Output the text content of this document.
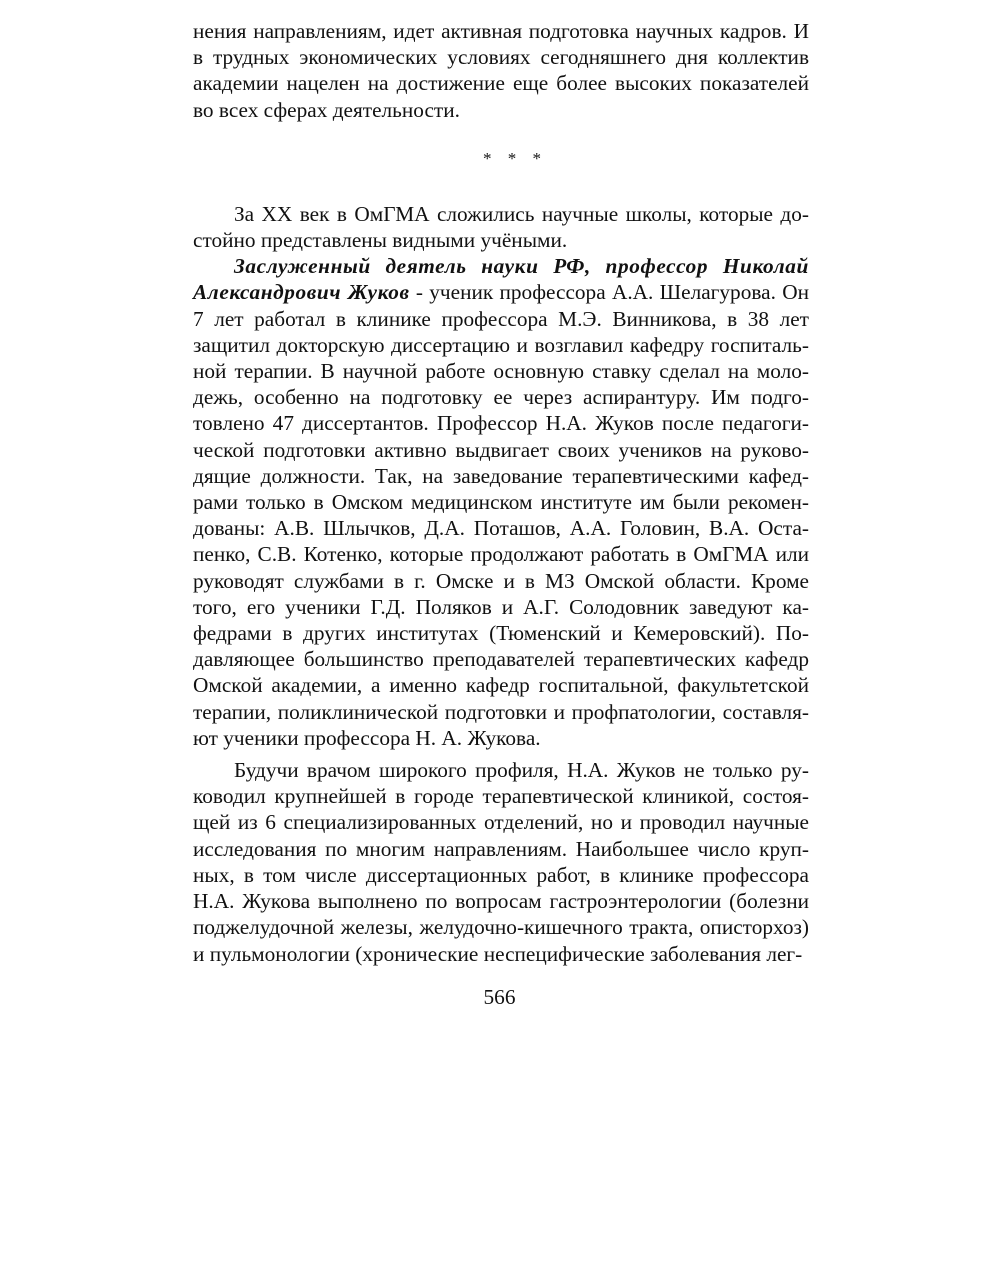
нения направлениям, идет активная подготовка научных кадров. И в трудных экономических условиях сегодняшнего дня коллектив академии нацелен на достижение еще более высоких показателей во всех сферах деятельности.

* * *

За XX век в ОмГМА сложились научные школы, которые достойно представлены видными учёными.

Заслуженный деятель науки РФ, профессор Николай Александрович Жуков - ученик профессора А.А. Шелагурова. Он 7 лет работал в клинике профессора М.Э. Винникова, в 38 лет защитил докторскую диссертацию и возглавил кафедру госпитальной терапии. В научной работе основную ставку сделал на молодежь, особенно на подготовку ее через аспирантуру. Им подготовлено 47 диссертантов. Профессор Н.А. Жуков после педагогической подготовки активно выдвигает своих учеников на руководящие должности. Так, на заведование терапевтическими кафедрами только в Омском медицинском институте им были рекомендованы: А.В. Шлычков, Д.А. Поташов, А.А. Головин, В.А. Остапенко, С.В. Котенко, которые продолжают работать в ОмГМА или руководят службами в г. Омске и в МЗ Омской области. Кроме того, его ученики Г.Д. Поляков и А.Г. Солодовник заведуют кафедрами в других институтах (Тюменский и Кемеровский). Подавляющее большинство преподавателей терапевтических кафедр Омской академии, а именно кафедр госпитальной, факультетской терапии, поликлинической подготовки и профпатологии, составляют ученики профессора Н. А. Жукова.

Будучи врачом широкого профиля, Н.А. Жуков не только руководил крупнейшей в городе терапевтической клиникой, состоящей из 6 специализированных отделений, но и проводил научные исследования по многим направлениям. Наибольшее число крупных, в том числе диссертационных работ, в клинике профессора Н.А. Жукова выполнено по вопросам гастроэнтерологии (болезни поджелудочной железы, желудочно-кишечного тракта, описторхоз) и пульмонологии (хронические неспецифические заболевания лег-

566
